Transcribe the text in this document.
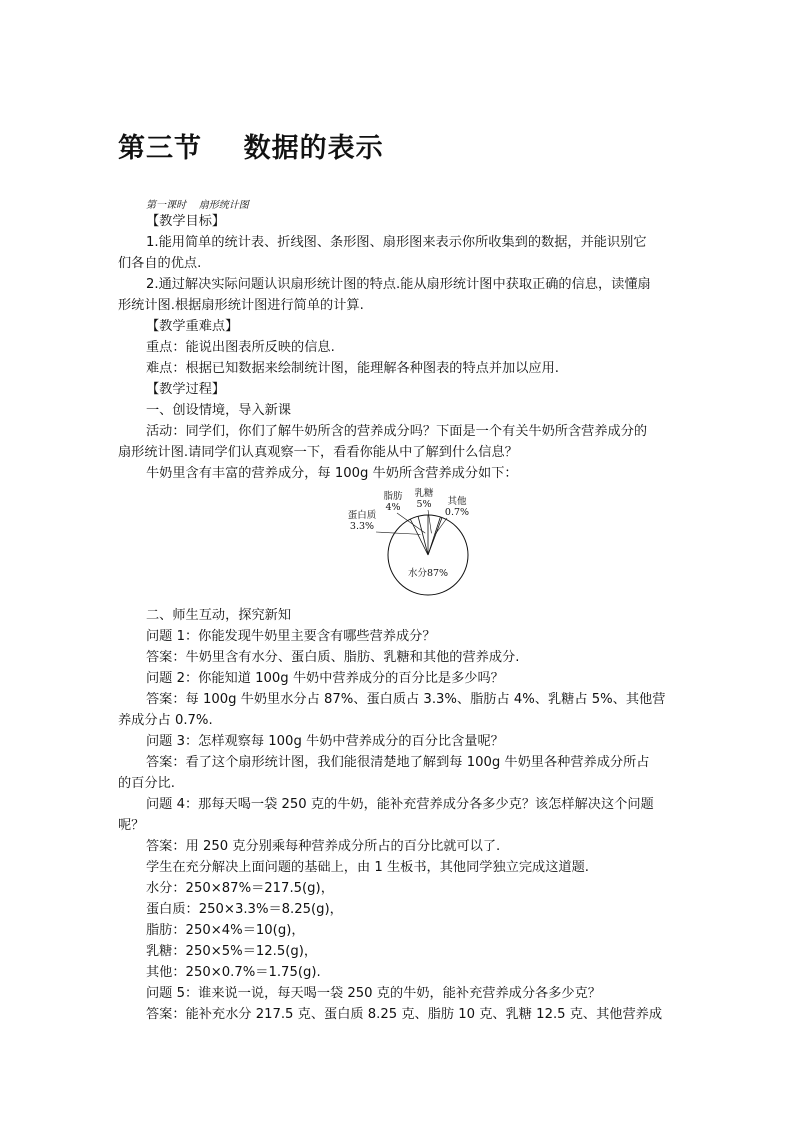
第三节    数据的表示
第一课时    扇形统计图
【教学目标】
1.能用简单的统计表、折线图、条形图、扇形图来表示你所收集到的数据，并能识别它
们各自的优点.
2.通过解决实际问题认识扇形统计图的特点.能从扇形统计图中获取正确的信息，读懂扇
形统计图.根据扇形统计图进行简单的计算.
【教学重难点】
重点：能说出图表所反映的信息.
难点：根据已知数据来绘制统计图，能理解各种图表的特点并加以应用.
【教学过程】
一、创设情境，导入新课
活动：同学们，你们了解牛奶所含的营养成分吗？下面是一个有关牛奶所含营养成分的
扇形统计图.请同学们认真观察一下，看看你能从中了解到什么信息？
牛奶里含有丰富的营养成分，每 100g 牛奶所含营养成分如下：
蛋白质
3.3%
脂肪
4%
乳糖
5% 其他
0.7%
水分87%
二、师生互动，探究新知
问题 1：你能发现牛奶里主要含有哪些营养成分？
答案：牛奶里含有水分、蛋白质、脂肪、乳糖和其他的营养成分.
问题 2：你能知道 100g 牛奶中营养成分的百分比是多少吗？
答案：每 100g 牛奶里水分占 87%、蛋白质占 3.3%、脂肪占 4%、乳糖占 5%、其他营
养成分占 0.7%.
问题 3：怎样观察每 100g 牛奶中营养成分的百分比含量呢？
答案：看了这个扇形统计图，我们能很清楚地了解到每 100g 牛奶里各种营养成分所占
的百分比.
问题 4：那每天喝一袋 250 克的牛奶，能补充营养成分各多少克？该怎样解决这个问题
呢？
答案：用 250 克分别乘每种营养成分所占的百分比就可以了.
学生在充分解决上面问题的基础上，由 1 生板书，其他同学独立完成这道题.
水分：250×87%＝217.5(g)，
蛋白质：250×3.3%＝8.25(g)，
脂肪：250×4%＝10(g)，
乳糖：250×5%＝12.5(g)，
其他：250×0.7%＝1.75(g).
问题 5：谁来说一说，每天喝一袋 250 克的牛奶，能补充营养成分各多少克？
答案：能补充水分 217.5 克、蛋白质 8.25 克、脂肪 10 克、乳糖 12.5 克、其他营养成
